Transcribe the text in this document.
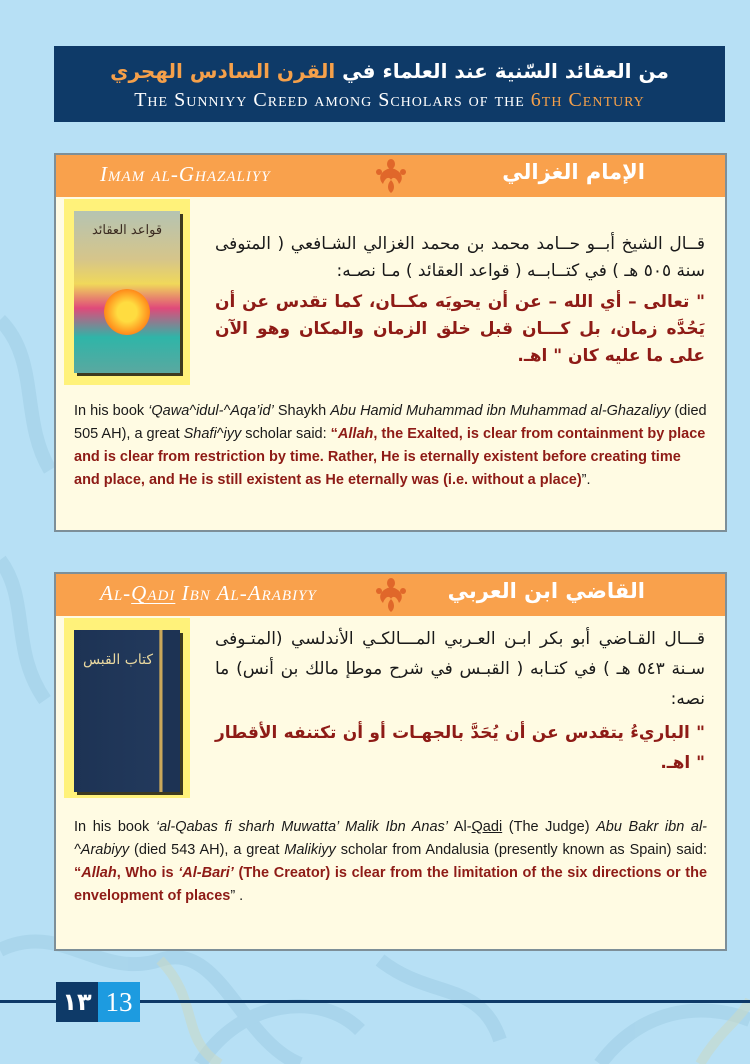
من العقائد السّنية عند العلماء في القرن السادس الهجري
The Sunniyy Creed among Scholars of the 6th Century
Imam al-Ghazaliyy	الإمام الغزالي
قواعد العقائد
قــال الشيخ أبــو حــامد محمد بن محمد الغزالي الشـافعي ( المتوفى سنة ٥٠٥ هـ ) في كتــابــه ( قواعد العقائد ) مـا نصـه:
" تعالى – أي الله – عن أن يحويَه مكــان، كما تقدس عن أن يَحُدَّه زمان، بل كـــان قبل خلق الزمان والمكان وهو الآن على ما عليه كان " اهـ.
In his book ‘Qawa^idul-^Aqa’id’ Shaykh Abu Hamid Muhammad ibn Muhammad al-Ghazaliyy (died 505 AH), a great Shafi^iyy scholar said: “Allah, the Exalted, is clear from containment by place and is clear from restriction by time. Rather, He is eternally existent before creating time and place, and He is still existent as He eternally was (i.e. without a place)”.
Al-Qadi Ibn Al-Arabiyy	القاضي ابن العربي
كتاب القبس
قـــال القـاضي أبو بكر ابـن العـربي المـــالكـي الأندلسي (المتـوفى سـنة ٥٤٣ هـ ) في كتـابه ( القبـس في شرح موطإ مالك بن أنس) ما نصه:
" الباريءُ يتقدس عن أن يُحَدَّ بالجهـات أو أن تكتنفه الأقطار " اهـ.
In his book ‘al-Qabas fi sharh Muwatta’ Malik Ibn Anas’ Al-Qadi (The Judge) Abu Bakr ibn al-^Arabiyy (died 543 AH), a great Malikiyy scholar from Andalusia (presently known as Spain) said: “Allah, Who is ‘Al-Bari’ (The Creator) is clear from the limitation of the six directions or the envelopment of places” .
١٣ 13
